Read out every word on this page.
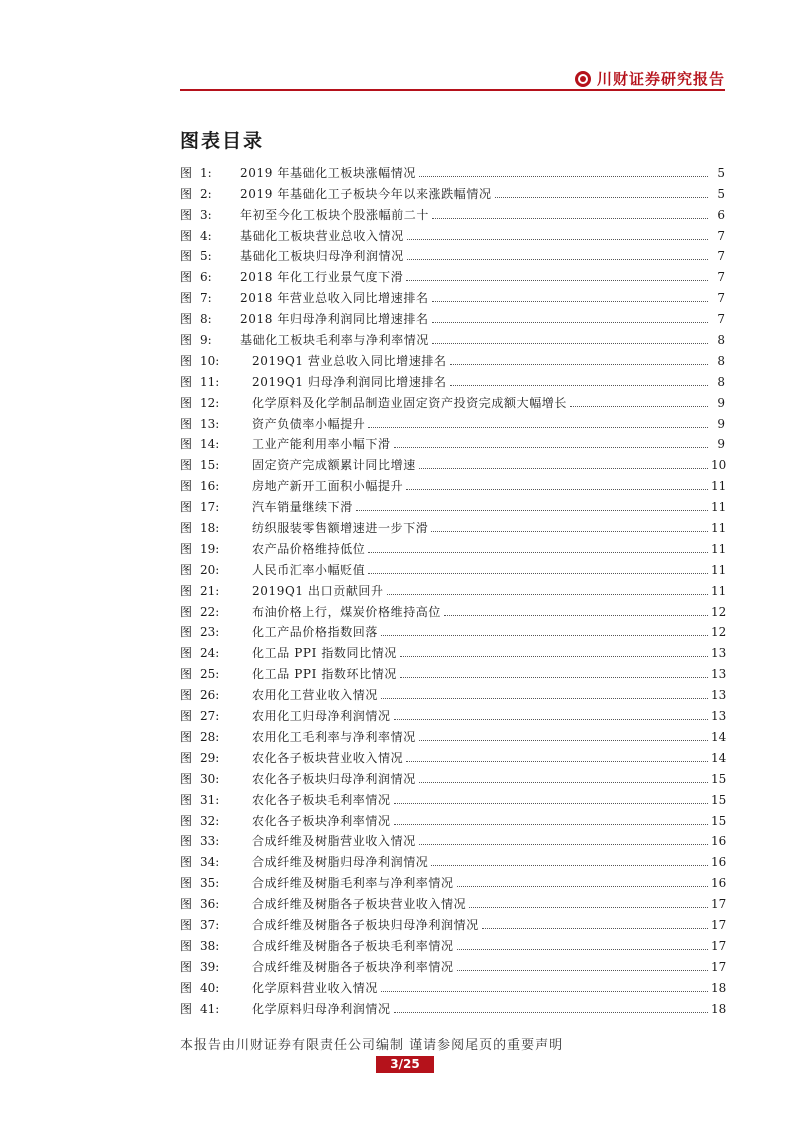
川财证券研究报告
图表目录
图 1:	2019 年基础化工板块涨幅情况	5
图 2:	2019 年基础化工子板块今年以来涨跌幅情况	5
图 3:	年初至今化工板块个股涨幅前二十	6
图 4:	基础化工板块营业总收入情况	7
图 5:	基础化工板块归母净利润情况	7
图 6:	2018 年化工行业景气度下滑	7
图 7:	2018 年营业总收入同比增速排名	7
图 8:	2018 年归母净利润同比增速排名	7
图 9:	基础化工板块毛利率与净利率情况	8
图 10:	2019Q1 营业总收入同比增速排名	8
图 11:	2019Q1 归母净利润同比增速排名	8
图 12:	化学原料及化学制品制造业固定资产投资完成额大幅增长	9
图 13:	资产负债率小幅提升	9
图 14:	工业产能利用率小幅下滑	9
图 15:	固定资产完成额累计同比增速	10
图 16:	房地产新开工面积小幅提升	11
图 17:	汽车销量继续下滑	11
图 18:	纺织服装零售额增速进一步下滑	11
图 19:	农产品价格维持低位	11
图 20:	人民币汇率小幅贬值	11
图 21:	2019Q1 出口贡献回升	11
图 22:	布油价格上行，煤炭价格维持高位	12
图 23:	化工产品价格指数回落	12
图 24:	化工品 PPI 指数同比情况	13
图 25:	化工品 PPI 指数环比情况	13
图 26:	农用化工营业收入情况	13
图 27:	农用化工归母净利润情况	13
图 28:	农用化工毛利率与净利率情况	14
图 29:	农化各子板块营业收入情况	14
图 30:	农化各子板块归母净利润情况	15
图 31:	农化各子板块毛利率情况	15
图 32:	农化各子板块净利率情况	15
图 33:	合成纤维及树脂营业收入情况	16
图 34:	合成纤维及树脂归母净利润情况	16
图 35:	合成纤维及树脂毛利率与净利率情况	16
图 36:	合成纤维及树脂各子板块营业收入情况	17
图 37:	合成纤维及树脂各子板块归母净利润情况	17
图 38:	合成纤维及树脂各子板块毛利率情况	17
图 39:	合成纤维及树脂各子板块净利率情况	17
图 40:	化学原料营业收入情况	18
图 41:	化学原料归母净利润情况	18
本报告由川财证券有限责任公司编制 谨请参阅尾页的重要声明
3/25
